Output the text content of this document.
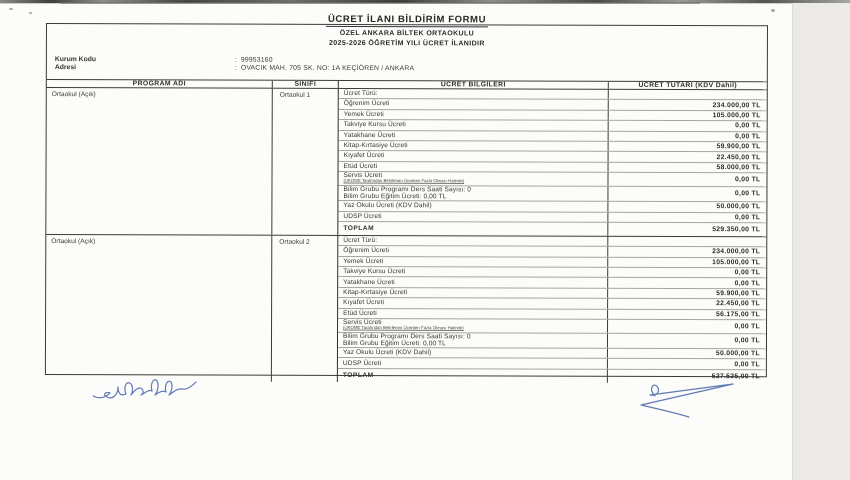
ÜCRET İLANI BİLDİRİM FORMU
ÖZEL ANKARA BİLTEK ORTAOKULU
2025-2026 ÖĞRETİM YILI ÜCRET İLANIDIR
Kurum Kodu	: 99953160
Adresi	: OVACIK MAH. 705 SK. NO: 1A KEÇİÖREN / ANKARA
PROGRAM ADI	SINIFI	ÜCRET BİLGİLERİ	ÜCRET TUTARI (KDV Dahil)
Ortaokul (Açık)	Ortaokul 1	Ücret Türü:
Öğrenim Ücreti	234.000,00 TL
Yemek Ücreti	105.000,00 TL
Takviye Kursu Ücreti	0,00 TL
Yatakhane Ücreti	0,00 TL
Kitap-Kırtasiye Ücreti	59.900,00 TL
Kıyafet Ücreti	22.450,00 TL
Etüd Ücreti	58.000,00 TL
Servis Ücreti
(UKOME Tarafından Belirlenen Ücretten Fazla Olması Halinde)	0,00 TL
Bilim Grubu Programı Ders Saati Sayısı: 0
Bilim Grubu Eğitim Ücreti: 0,00 TL	0,00 TL
Yaz Okulu Ücreti (KDV Dahil)	50.000,00 TL
UDSP Ücreti	0,00 TL
TOPLAM	529.350,00 TL
Ortaokul (Açık)	Ortaokul 2	Ücret Türü:
Öğrenim Ücreti	234.000,00 TL
Yemek Ücreti	105.000,00 TL
Takviye Kursu Ücreti	0,00 TL
Yatakhane Ücreti	0,00 TL
Kitap-Kırtasiye Ücreti	59.900,00 TL
Kıyafet Ücreti	22.450,00 TL
Etüd Ücreti	56.175,00 TL
Servis Ücreti
(UKOME Tarafından Belirlenen Ücretten Fazla Olması Halinde)	0,00 TL
Bilim Grubu Programı Ders Saati Sayısı: 0
Bilim Grubu Eğitim Ücreti: 0,00 TL	0,00 TL
Yaz Okulu Ücreti (KDV Dahil)	50.000,00 TL
UDSP Ücreti	0,00 TL
TOPLAM	527.525,00 TL
